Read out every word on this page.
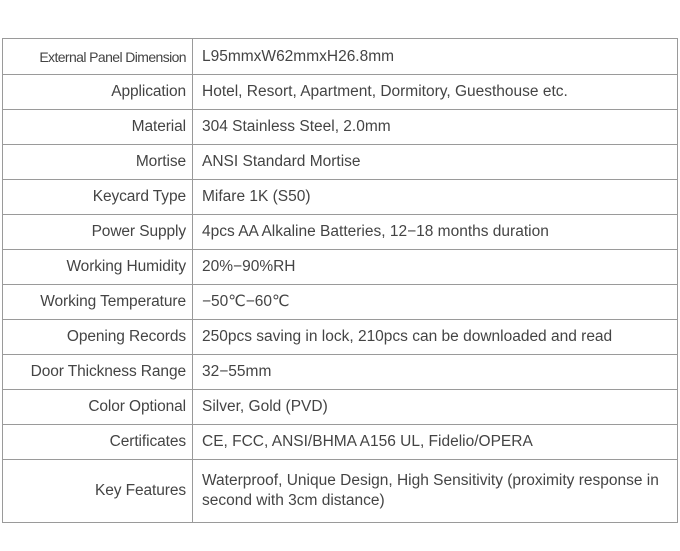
External Panel Dimension	L95mmxW62mmxH26.8mm
Application	Hotel, Resort, Apartment, Dormitory, Guesthouse etc.
Material	304 Stainless Steel, 2.0mm
Mortise	ANSI Standard Mortise
Keycard Type	Mifare 1K (S50)
Power Supply	4pcs AA Alkaline Batteries, 12−18 months duration
Working Humidity	20%−90%RH
Working Temperature	−50℃−60℃
Opening Records	250pcs saving in lock, 210pcs can be downloaded and read
Door Thickness Range	32−55mm
Color Optional	Silver, Gold (PVD)
Certificates	CE, FCC, ANSI/BHMA A156 UL, Fidelio/OPERA
Key Features	Waterproof, Unique Design, High Sensitivity (proximity response in second with 3cm distance)
